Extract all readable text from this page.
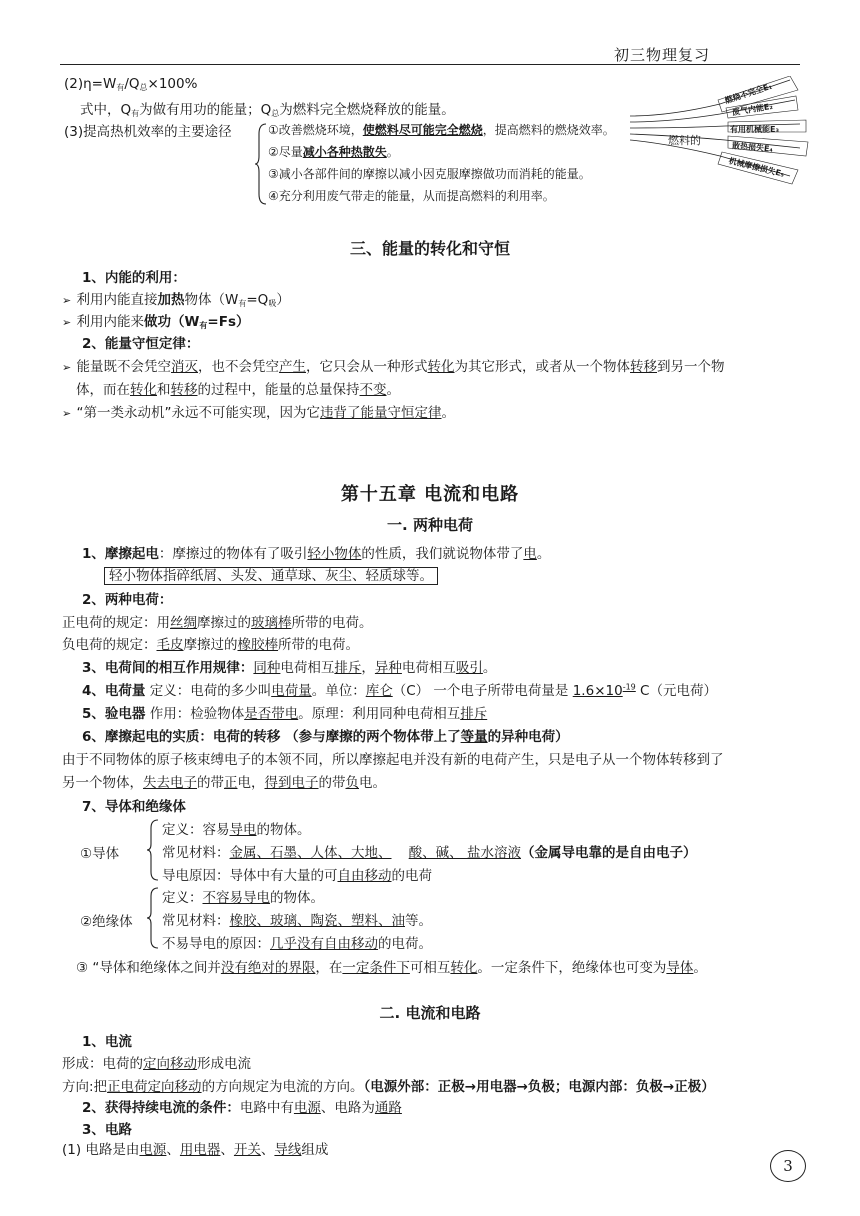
初三物理复习
$(2)\eta=W_有/Q_总\times 100\%$
式中，$Q_有$为做有用功的能量；$Q_总$为燃料完全燃烧释放的能量。
(3)提高热机效率的主要途径	①改善燃烧环境，使燃料尽可能完全燃烧，提高燃料的燃烧效率。
②尽量减小各种热散失。
③减小各部件间的摩擦以减小因克服摩擦做功而消耗的能量。
④充分利用废气带走的能量，从而提高燃料的利用率。
燃料的
燃烧不完全E₁
废气内能E₂
有用机械能E₃
散热损失E₄
机械摩擦损失E₅
三、能量的转化和守恒
1、内能的利用：
➢ 利用内能直接加热物体$(W_有=Q_吸)$
➢ 利用内能来做功$(W_有=Fs)$
2、能量守恒定律：
➢ 能量既不会凭空消灭，也不会凭空产生，它只会从一种形式转化为其它形式，或者从一个物体转移到另一个物
体，而在转化和转移的过程中，能量的总量保持不变。
➢ “第一类永动机”永远不可能实现，因为它违背了能量守恒定律。
第十五章 电流和电路
一. 两种电荷
1、摩擦起电：摩擦过的物体有了吸引轻小物体的性质，我们就说物体带了电。
轻小物体指碎纸屑、头发、通草球、灰尘、轻质球等。
2、两种电荷：
正电荷的规定：用丝绸摩擦过的玻璃棒所带的电荷。
负电荷的规定：毛皮摩擦过的橡胶棒所带的电荷。
3、电荷间的相互作用规律：同种电荷相互排斥，异种电荷相互吸引。
4、电荷量 定义：电荷的多少叫电荷量。单位：库仑（C） 一个电子所带电荷量是 $1.6\times 10^{-19}$ C（元电荷）
5、验电器 作用：检验物体是否带电。原理：利用同种电荷相互排斥
6、摩擦起电的实质：电荷的转移 （参与摩擦的两个物体带上了等量的异种电荷）
由于不同物体的原子核束缚电子的本领不同，所以摩擦起电并没有新的电荷产生，只是电子从一个物体转移到了
另一个物体，失去电子的带正电，得到电子的带负电。
7、导体和绝缘体
①导体
定义：容易导电的物体。
常见材料：金属、石墨、人体、大地、 酸、碱、 盐水溶液（金属导电靠的是自由电子）
导电原因：导体中有大量的可自由移动的电荷
②绝缘体
定义：不容易导电的物体。
常见材料：橡胶、玻璃、陶瓷、塑料、油等。
不易导电的原因：几乎没有自由移动的电荷。
③ “导体和绝缘体之间并没有绝对的界限，在一定条件下可相互转化。一定条件下，绝缘体也可变为导体。
二. 电流和电路
1、电流
形成：电荷的定向移动形成电流
方向:把正电荷定向移动的方向规定为电流的方向。（电源外部：正极→用电器→负极；电源内部：负极→正极）
2、获得持续电流的条件：电路中有电源、电路为通路
3、电路
(1) 电路是由电源、用电器、开关、导线组成
3
